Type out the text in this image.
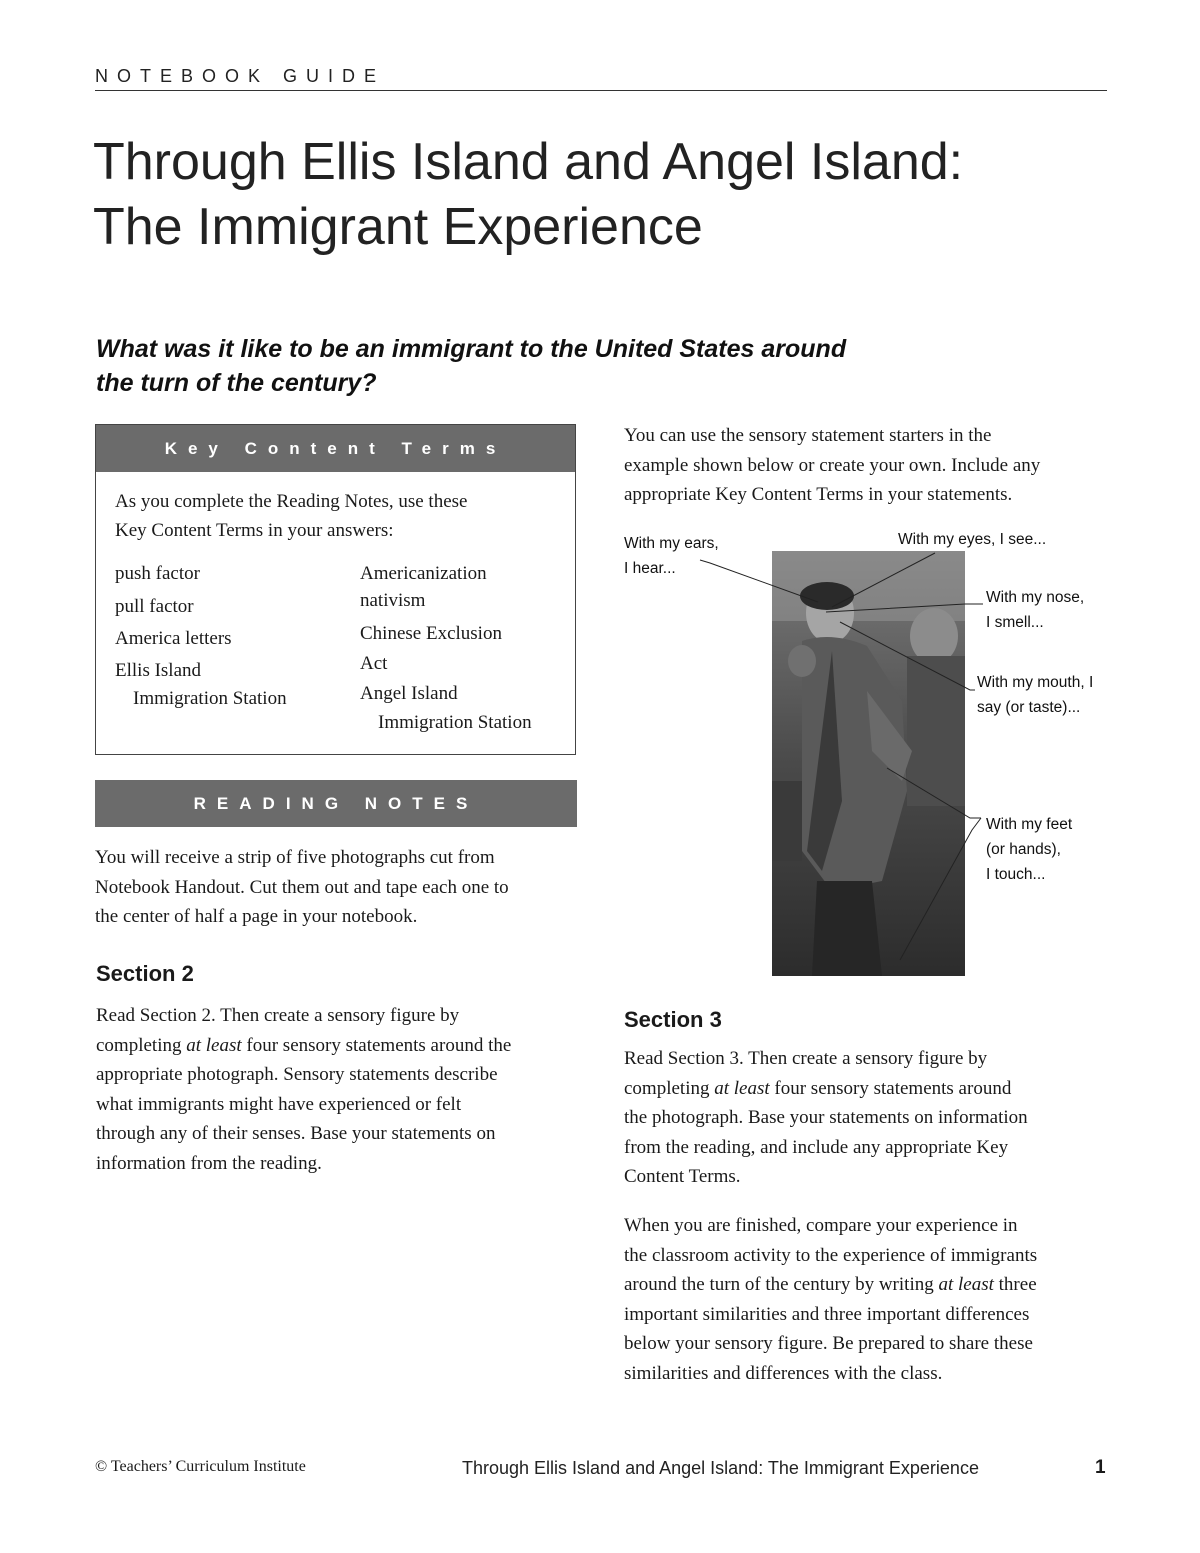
NOTEBOOK GUIDE
Through Ellis Island and Angel Island:
The Immigrant Experience
What was it like to be an immigrant to the United States around
the turn of the century?
Key Content Terms
As you complete the Reading Notes, use these
Key Content Terms in your answers:
push factor
pull factor
America letters
Ellis Island
Immigration Station
Americanization
nativism
Chinese Exclusion
Act
Angel Island
Immigration Station
READING NOTES
You will receive a strip of five photographs cut from
Notebook Handout. Cut them out and tape each one to
the center of half a page in your notebook.
Section 2
Read Section 2. Then create a sensory figure by
completing at least four sensory statements around the
appropriate photograph. Sensory statements describe
what immigrants might have experienced or felt
through any of their senses. Base your statements on
information from the reading.
You can use the sensory statement starters in the
example shown below or create your own. Include any
appropriate Key Content Terms in your statements.
With my ears,
I hear...
With my eyes, I see...
With my nose,
I smell...
With my mouth, I
say (or taste)...
With my feet
(or hands),
I touch...
Section 3
Read Section 3. Then create a sensory figure by
completing at least four sensory statements around
the photograph. Base your statements on information
from the reading, and include any appropriate Key
Content Terms.
When you are finished, compare your experience in
the classroom activity to the experience of immigrants
around the turn of the century by writing at least three
important similarities and three important differences
below your sensory figure. Be prepared to share these
similarities and differences with the class.
© Teachers’ Curriculum Institute	Through Ellis Island and Angel Island: The Immigrant Experience	1
